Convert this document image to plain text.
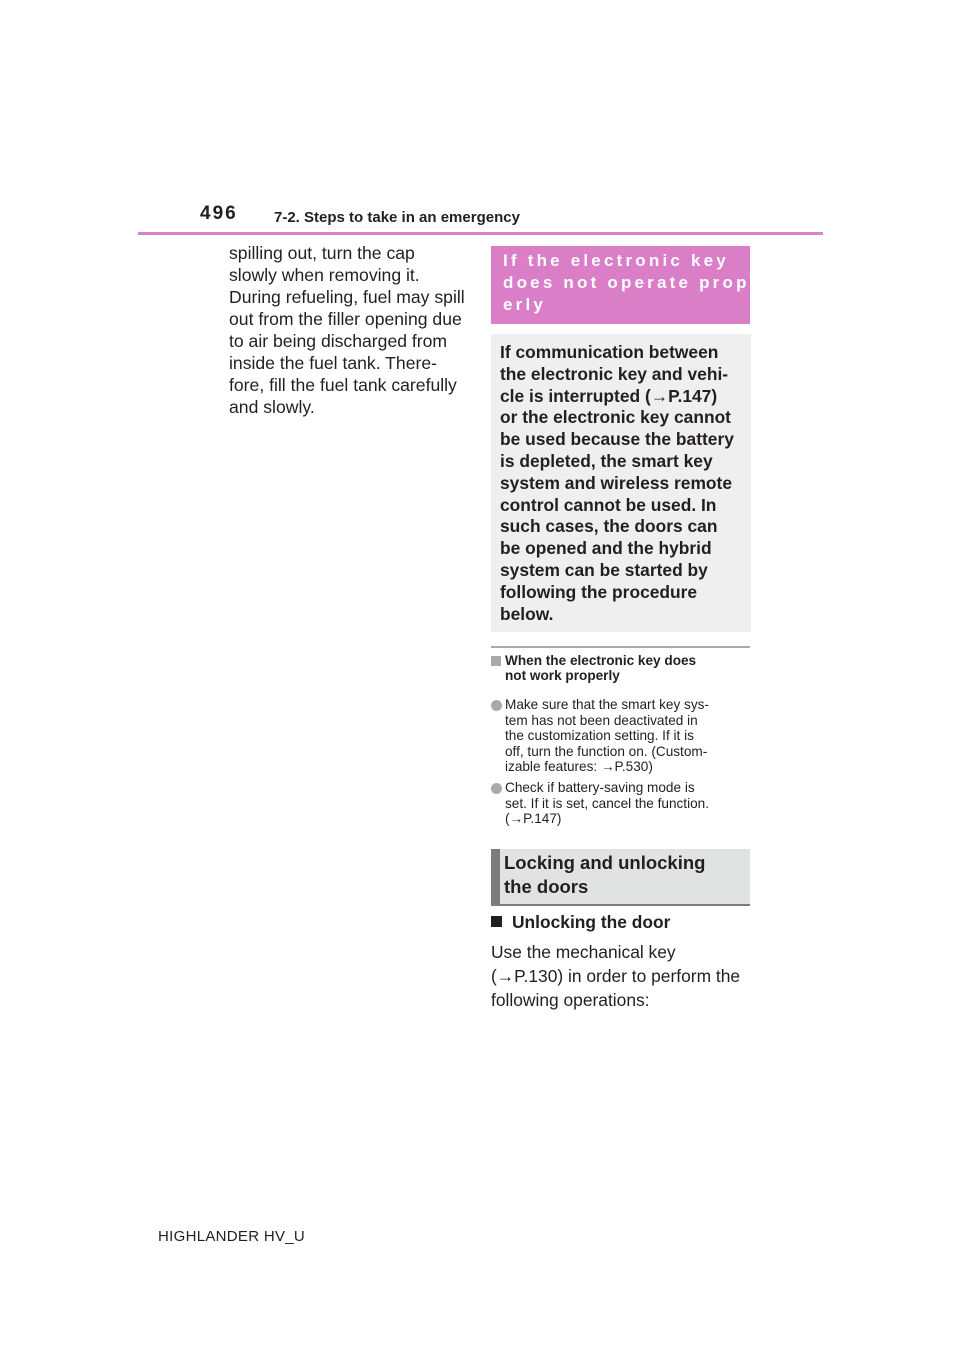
496 7-2. Steps to take in an emergency

spilling out, turn the cap
slowly when removing it.
During refueling, fuel may spill
out from the filler opening due
to air being discharged from
inside the fuel tank. There-
fore, fill the fuel tank carefully
and slowly.

If the electronic key
does not operate prop-
erly
If communication between
the electronic key and vehi-
cle is interrupted (→P.147)
or the electronic key cannot
be used because the battery
is depleted, the smart key
system and wireless remote
control cannot be used. In
such cases, the doors can
be opened and the hybrid
system can be started by
following the procedure
below.
When the electronic key does
not work properly
Make sure that the smart key sys-
tem has not been deactivated in
the customization setting. If it is
off, turn the function on. (Custom-
izable features: →P.530)
Check if battery-saving mode is
set. If it is set, cancel the function.
(→P.147)
Locking and unlocking
the doors
Unlocking the door
Use the mechanical key
(→P.130) in order to perform the
following operations:
HIGHLANDER HV_U
